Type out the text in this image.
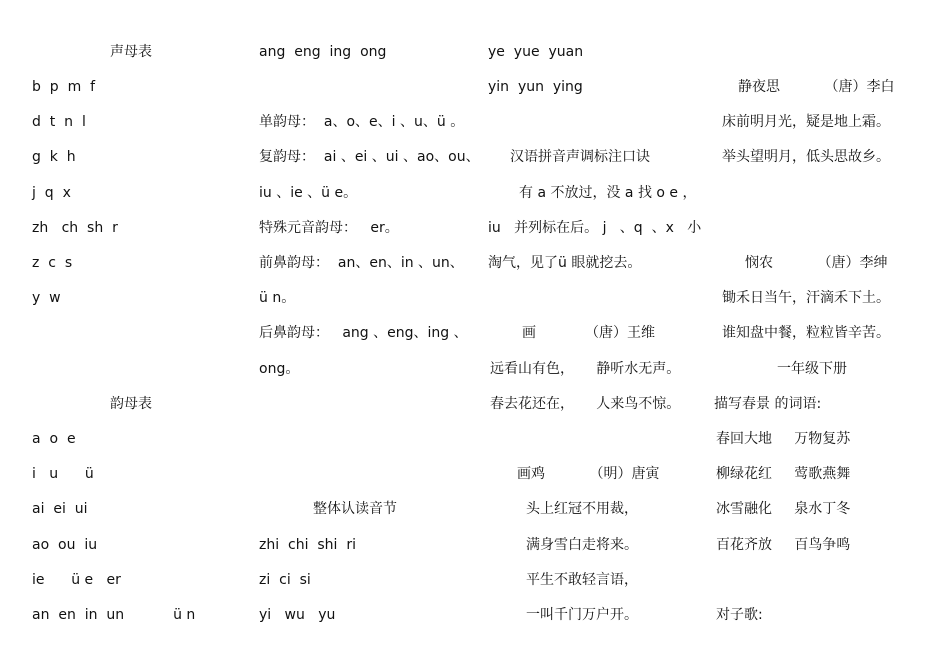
声母表
b  p  m  f
d  t  n  l
g  k  h
j  q  x
zh   ch  sh  r
z  c  s
y  w
韵母表
a  o  e
i   u      ü
ai  ei  ui
ao  ou  iu
ie      ü e   er
an  en  in  un           ü n
ang  eng  ing  ong
单韵母：  a、o、e、i 、u、ü 。
复韵母：  ai 、ei 、ui 、ao、ou、
iu 、ie 、ü e。
特殊元音韵母：   er。
前鼻韵母：  an、en、in 、un、
ü n。
后鼻韵母：   ang 、eng、ing 、
ong。
整体认读音节
zhi  chi  shi  ri
zi  ci  si
yi   wu   yu
ye  yue  yuan
yin  yun  ying
汉语拼音声调标注口诀
有 a 不放过，没 a 找 o e ，
iu   并列标在后。 j   、q  、x   小
淘气，见了ü 眼就挖去。
画           （唐）王维
远看山有色，     静听水无声。
春去花还在，     人来鸟不惊。
画鸡          （明）唐寅
头上红冠不用裁，
满身雪白走将来。
平生不敢轻言语，
一叫千门万户开。
静夜思          （唐）李白
床前明月光，疑是地上霜。
举头望明月，低头思故乡。
悯农          （唐）李绅
锄禾日当午，汗滴禾下土。
谁知盘中餐，粒粒皆辛苦。
一年级下册
描写春景 的词语:
春回大地     万物复苏
柳绿花红     莺歌燕舞
冰雪融化     泉水丁冬
百花齐放     百鸟争鸣
对子歌:
